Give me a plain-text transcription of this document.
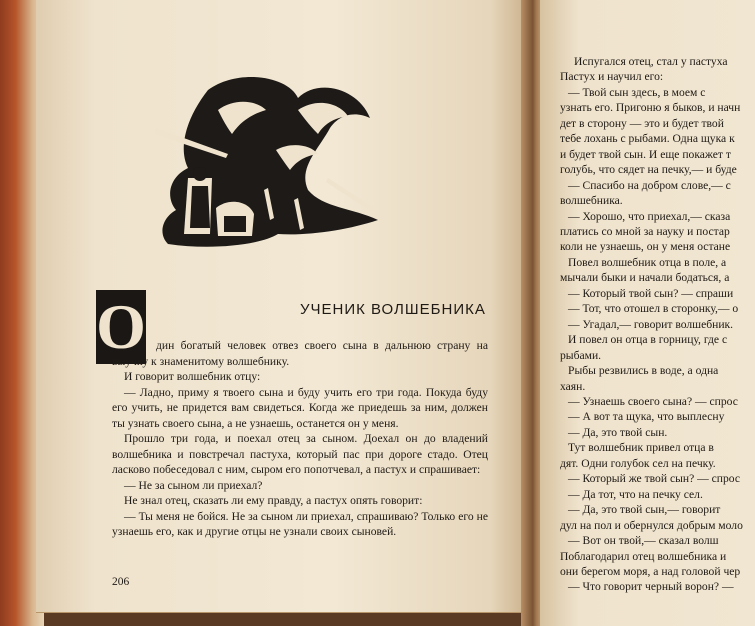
О	УЧЕНИК ВОЛШЕБНИКА

дин богатый человек отвез своего сына в дальнюю страну на выучку к знаменитому волшебнику.

И говорит волшебник отцу:

— Ладно, приму я твоего сына и буду учить его три года. Покуда буду его учить, не придется вам свидеться. Когда же приедешь за ним, должен ты узнать своего сына, а не узнаешь, останется он у меня.

Прошло три года, и поехал отец за сыном. Доехал он до владений волшебника и повстречал пастуха, который пас при дороге стадо. Отец ласково побеседовал с ним, сыром его попотчевал, а пастух и спрашивает:

— Не за сыном ли приехал?

Не знал отец, сказать ли ему правду, а пастух опять говорит:

— Ты меня не бойся. Не за сыном ли приехал, спрашиваю? Только его не узнаешь его, как и другие отцы не узнали своих сыновей.

206

Испугался отец, стал у пастуха

Пастух и научил его:

— Твой сын здесь, в моем с

узнать его. Пригоню я быков, и начн

дет в сторону — это и будет твой

тебе лохань с рыбами. Одна щука к

и будет твой сын. И еще покажет т

голубь, что сядет на печку,— и буде

— Спасибо на добром слове,— с

волшебника.

— Хорошо, что приехал,— сказа

платись со мной за науку и постар

коли не узнаешь, он у меня остане

Повел волшебник отца в поле, а

мычали быки и начали бодаться, а

— Который твой сын? — спраши

— Тот, что отошел в сторонку,— о

— Угадал,— говорит волшебник.

И повел он отца в горницу, где с

рыбами.

Рыбы резвились в воде, а одна

хаян.

— Узнаешь своего сына? — спрос

— А вот та щука, что выплесну

— Да, это твой сын.

Тут волшебник привел отца в

дят. Одни голубок сел на печку.

— Который же твой сын? — спрос

— Да тот, что на печку сел.

— Да, это твой сын,— говорит

дул на пол и обернулся добрым моло

— Вот он твой,— сказал волш

Поблагодарил отец волшебника и

они берегом моря, а над головой чер

— Что говорит черный ворон? —
